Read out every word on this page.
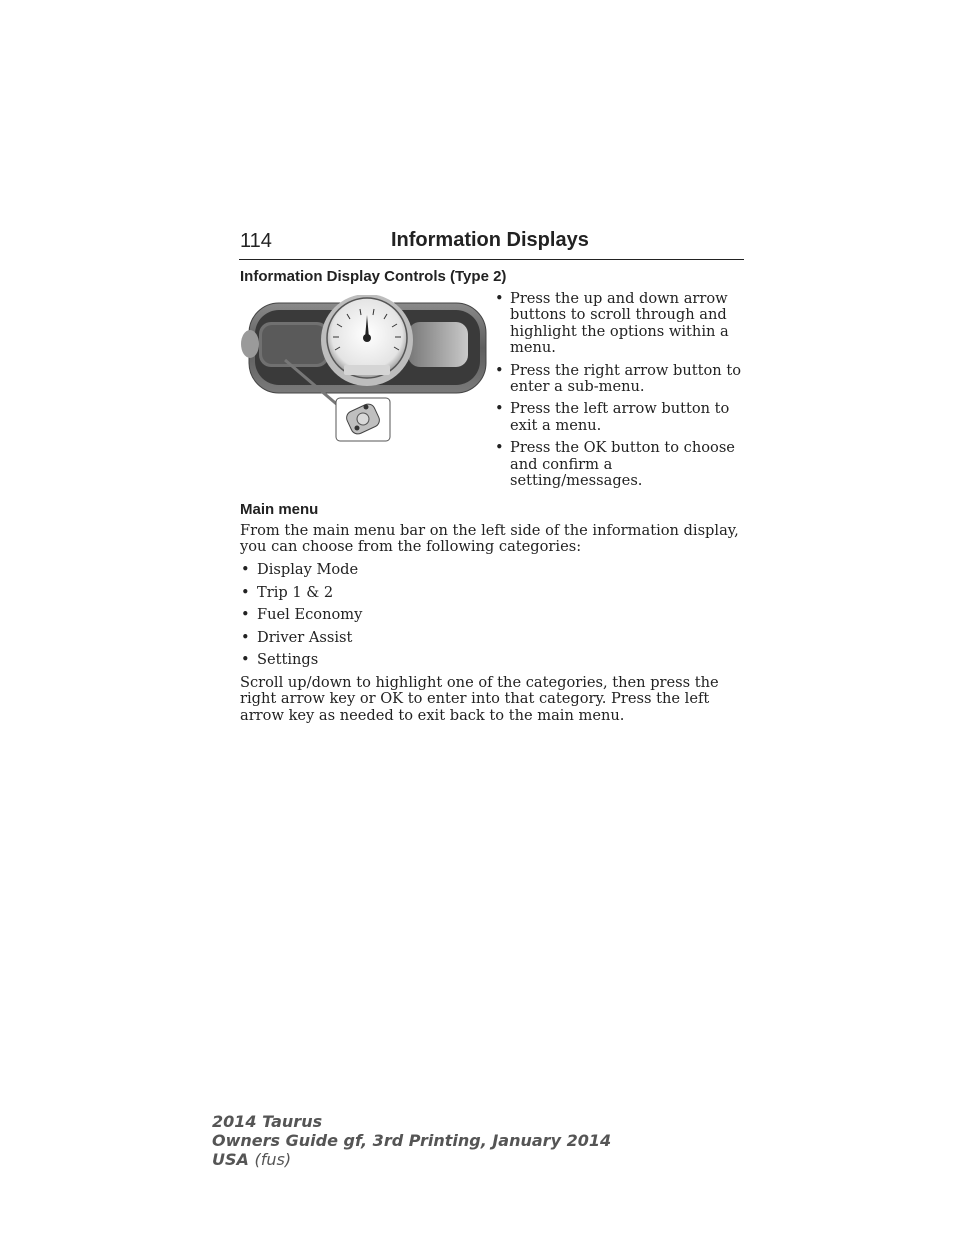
114	Information Displays
Information Display Controls (Type 2)
• Press the up and down arrow buttons to scroll through and highlight the options within a menu.
• Press the right arrow button to enter a sub-menu.
• Press the left arrow button to exit a menu.
• Press the OK button to choose and confirm a setting/messages.
Main menu

From the main menu bar on the left side of the information display, you can choose from the following categories:

• Display Mode
• Trip 1 & 2
• Fuel Economy
• Driver Assist
• Settings

Scroll up/down to highlight one of the categories, then press the right arrow key or OK to enter into that category. Press the left arrow key as needed to exit back to the main menu.

2014 Taurus
Owners Guide gf, 3rd Printing, January 2014
USA (fus)
